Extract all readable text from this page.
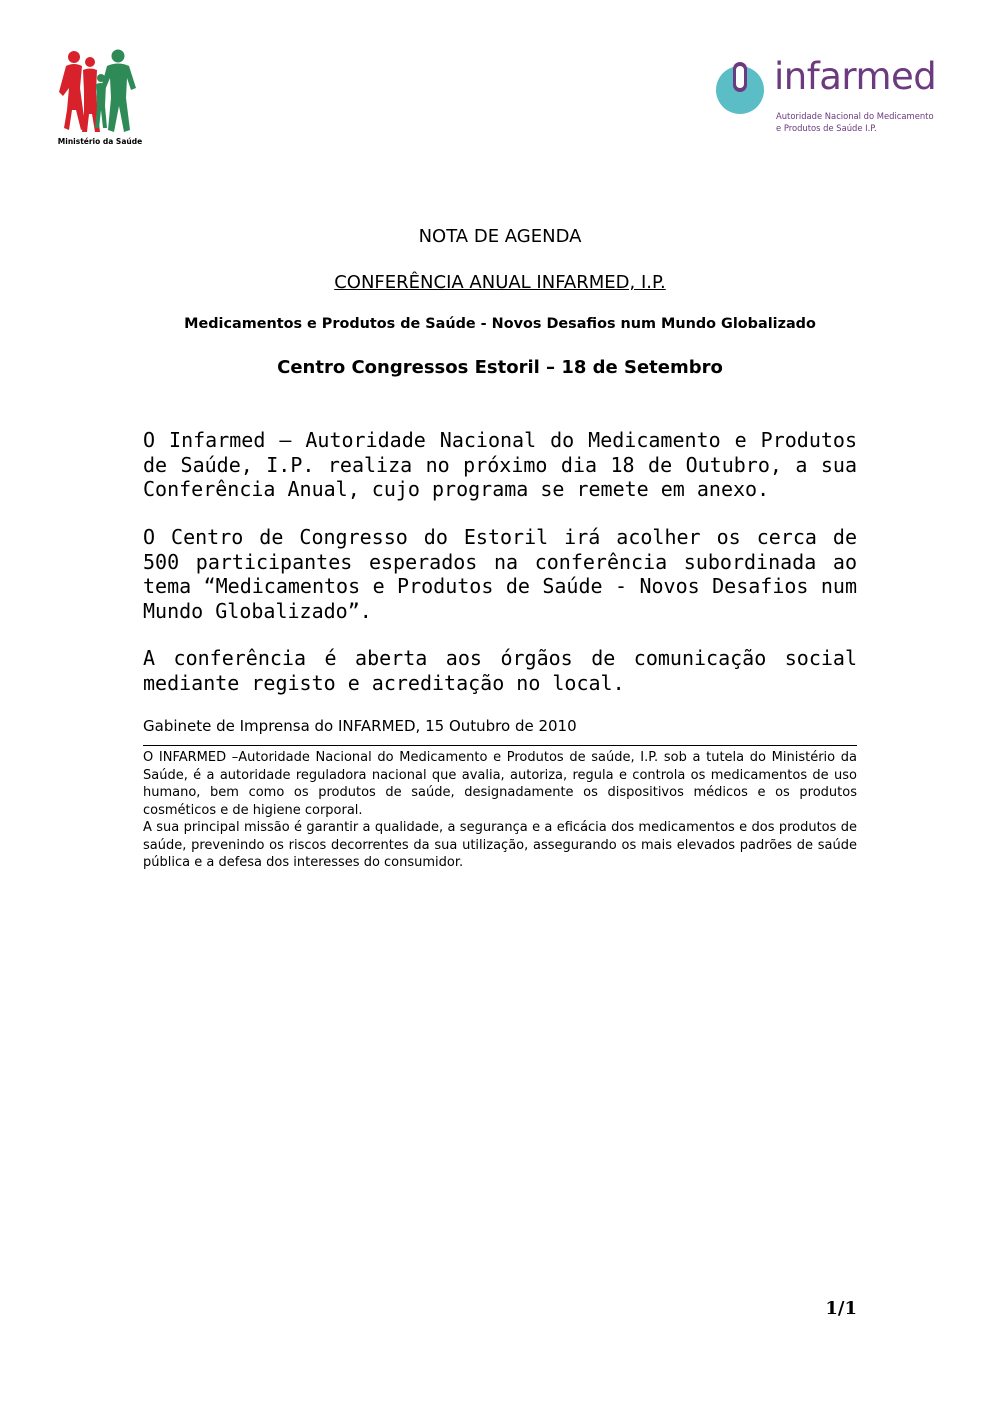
Ministério da Saúde
infarmed
Autoridade Nacional do Medicamento
e Produtos de Saúde I.P.
NOTA DE AGENDA
CONFERÊNCIA ANUAL INFARMED, I.P.
Medicamentos e Produtos de Saúde - Novos Desafios num Mundo Globalizado
Centro Congressos Estoril – 18 de Setembro

O Infarmed – Autoridade Nacional do Medicamento e Produtos de Saúde, I.P. realiza no próximo dia 18 de Outubro, a sua Conferência Anual, cujo programa se remete em anexo.

O Centro de Congresso do Estoril irá acolher os cerca de 500 participantes esperados na conferência subordinada ao tema “Medicamentos e Produtos de Saúde - Novos Desafios num Mundo Globalizado”.

A conferência é aberta aos órgãos de comunicação social mediante registo e acreditação no local.

Gabinete de Imprensa do INFARMED, 15 Outubro de 2010

O INFARMED –Autoridade Nacional do Medicamento e Produtos de saúde, I.P. sob a tutela do Ministério da Saúde, é a autoridade reguladora nacional que avalia, autoriza, regula e controla os medicamentos de uso humano, bem como os produtos de saúde, designadamente os dispositivos médicos e os produtos cosméticos e de higiene corporal.

A sua principal missão é garantir a qualidade, a segurança e a eficácia dos medicamentos e dos produtos de saúde, prevenindo os riscos decorrentes da sua utilização, assegurando os mais elevados padrões de saúde pública e a defesa dos interesses do consumidor.

1/1
